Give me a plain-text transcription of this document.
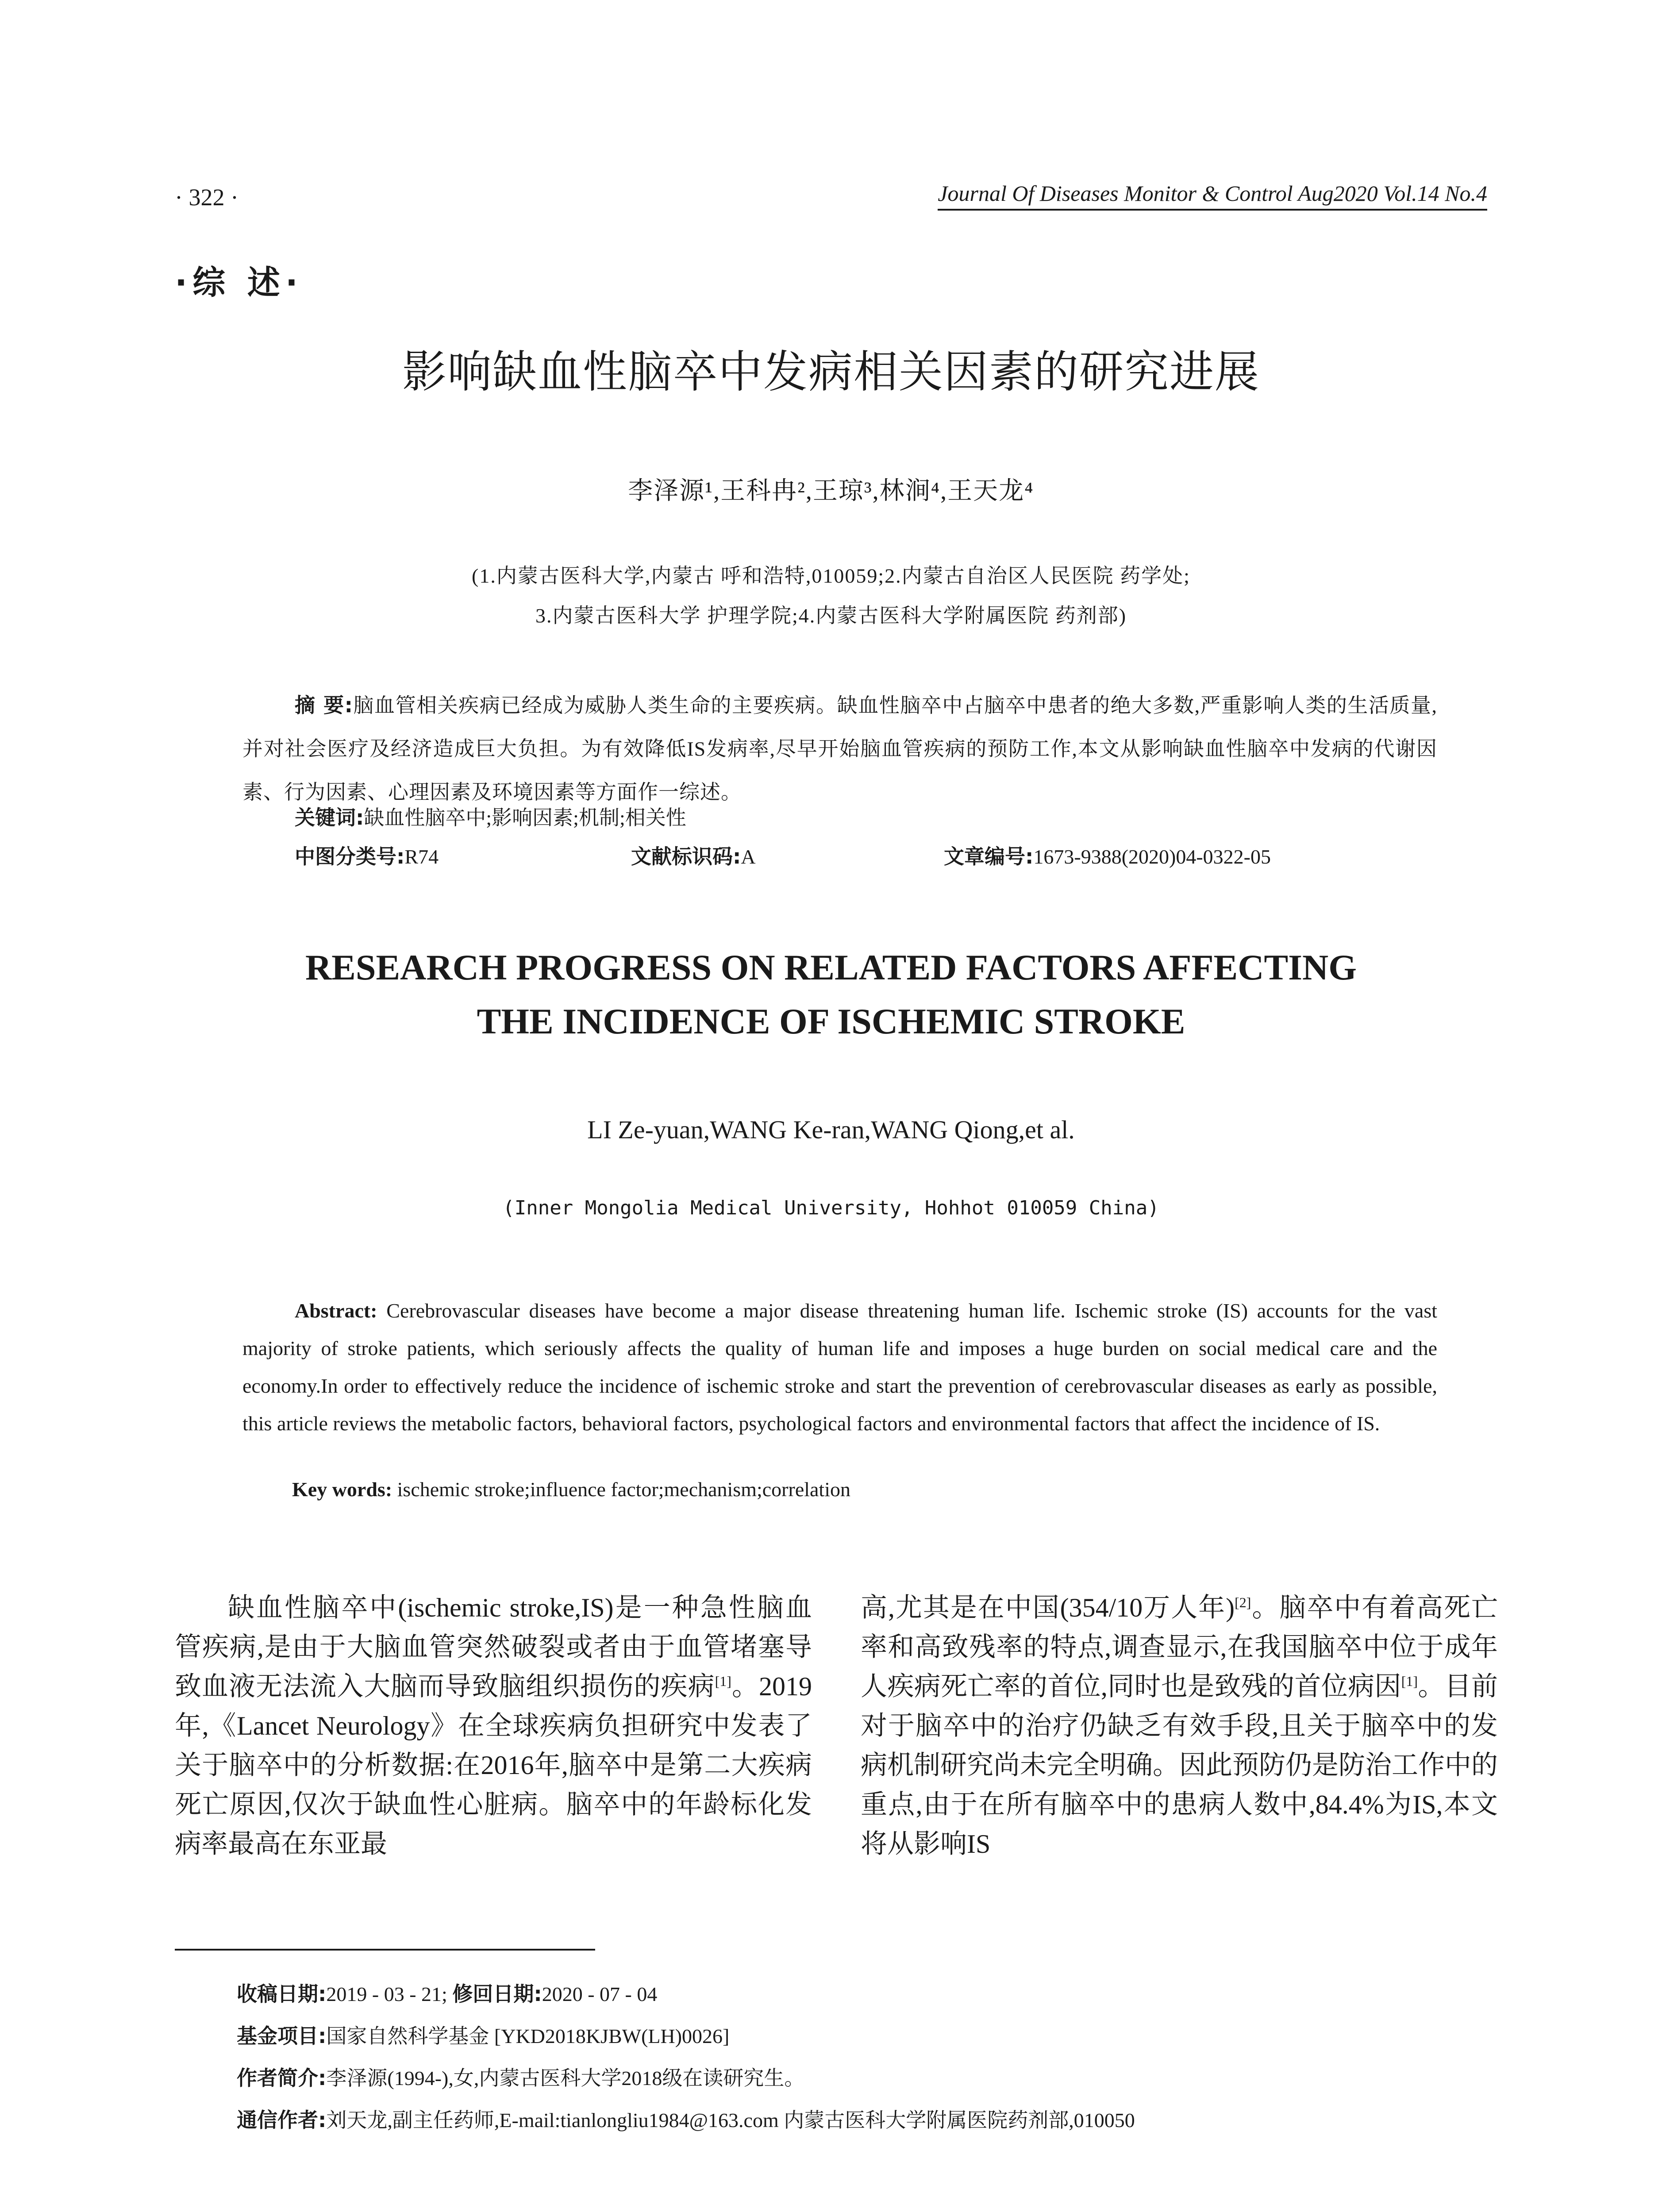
· 322 ·	Journal Of Diseases Monitor & Control Aug2020 Vol.14 No.4
·综 述·
影响缺血性脑卒中发病相关因素的研究进展
李泽源¹,王科冉²,王琼³,林涧⁴,王天龙⁴
(1.内蒙古医科大学,内蒙古 呼和浩特,010059;2.内蒙古自治区人民医院 药学处;
3.内蒙古医科大学 护理学院;4.内蒙古医科大学附属医院 药剂部)
摘 要:脑血管相关疾病已经成为威胁人类生命的主要疾病。缺血性脑卒中占脑卒中患者的绝大多数,严重影响人类的生活质量,并对社会医疗及经济造成巨大负担。为有效降低IS发病率,尽早开始脑血管疾病的预防工作,本文从影响缺血性脑卒中发病的代谢因素、行为因素、心理因素及环境因素等方面作一综述。
关键词:缺血性脑卒中;影响因素;机制;相关性
中图分类号:R74	文献标识码:A	文章编号:1673-9388(2020)04-0322-05
RESEARCH PROGRESS ON RELATED FACTORS AFFECTING
THE INCIDENCE OF ISCHEMIC STROKE
LI Ze-yuan,WANG Ke-ran,WANG Qiong,et al.
(Inner Mongolia Medical University, Hohhot 010059 China)
Abstract: Cerebrovascular diseases have become a major disease threatening human life. Ischemic stroke (IS) accounts for the vast majority of stroke patients, which seriously affects the quality of human life and imposes a huge burden on social medical care and the economy.In order to effectively reduce the incidence of ischemic stroke and start the prevention of cerebrovascular diseases as early as possible, this article reviews the metabolic factors, behavioral factors, psychological factors and environmental factors that affect the incidence of IS.
Key words: ischemic stroke;influence factor;mechanism;correlation
缺血性脑卒中(ischemic stroke,IS)是一种急性脑血管疾病,是由于大脑血管突然破裂或者由于血管堵塞导致血液无法流入大脑而导致脑组织损伤的疾病[1]。2019年,《Lancet Neurology》在全球疾病负担研究中发表了关于脑卒中的分析数据:在2016年,脑卒中是第二大疾病死亡原因,仅次于缺血性心脏病。脑卒中的年龄标化发病率最高在东亚最
高,尤其是在中国(354/10万人年)[2]。脑卒中有着高死亡率和高致残率的特点,调查显示,在我国脑卒中位于成年人疾病死亡率的首位,同时也是致残的首位病因[1]。目前对于脑卒中的治疗仍缺乏有效手段,且关于脑卒中的发病机制研究尚未完全明确。因此预防仍是防治工作中的重点,由于在所有脑卒中的患病人数中,84.4%为IS,本文将从影响IS
收稿日期:2019 - 03 - 21; 修回日期:2020 - 07 - 04
基金项目:国家自然科学基金 [YKD2018KJBW(LH)0026]
作者简介:李泽源(1994-),女,内蒙古医科大学2018级在读研究生。
通信作者:刘天龙,副主任药师,E-mail:tianlongliu1984@163.com 内蒙古医科大学附属医院药剂部,010050
